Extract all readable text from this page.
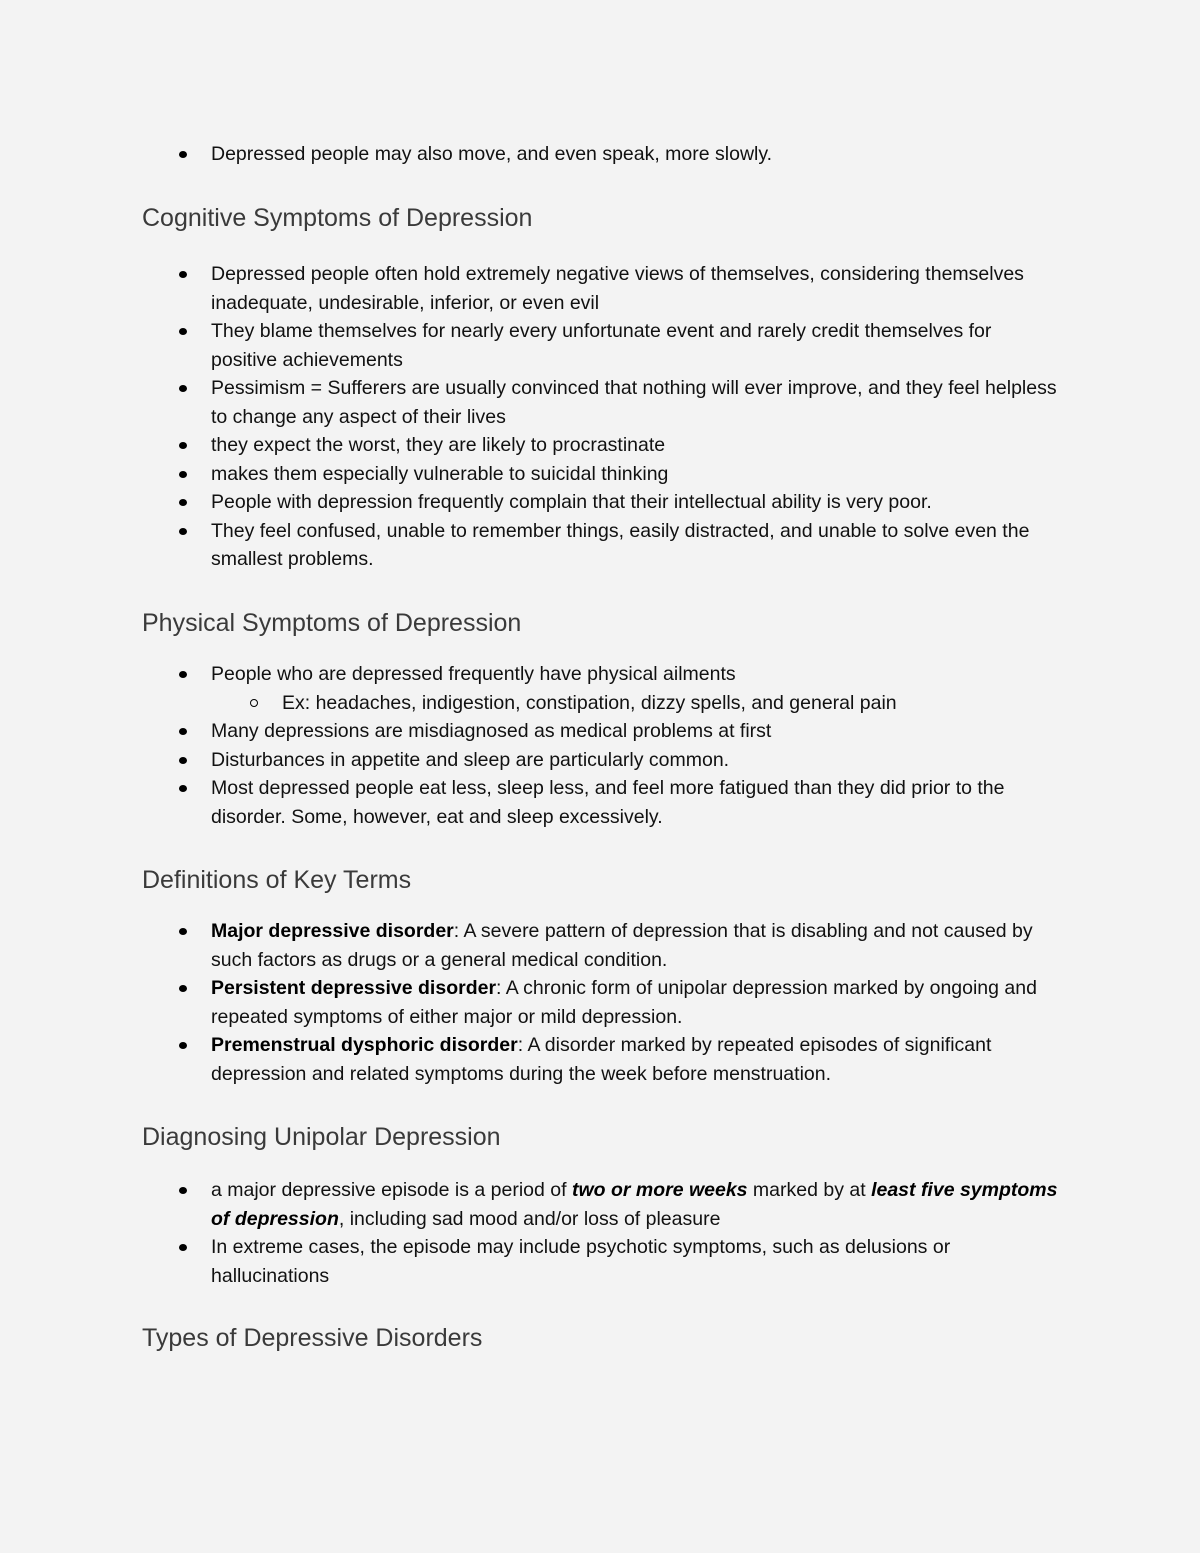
Depressed people may also move, and even speak, more slowly.
Cognitive Symptoms of Depression
Depressed people often hold extremely negative views of themselves, considering themselves inadequate, undesirable, inferior, or even evil
They blame themselves for nearly every unfortunate event and rarely credit themselves for positive achievements
Pessimism = Sufferers are usually convinced that nothing will ever improve, and they feel helpless to change any aspect of their lives
they expect the worst, they are likely to procrastinate
makes them especially vulnerable to suicidal thinking
People with depression frequently complain that their intellectual ability is very poor.
They feel confused, unable to remember things, easily distracted, and unable to solve even the smallest problems.
Physical Symptoms of Depression
People who are depressed frequently have physical ailments
Ex: headaches, indigestion, constipation, dizzy spells, and general pain
Many depressions are misdiagnosed as medical problems at first
Disturbances in appetite and sleep are particularly common.
Most depressed people eat less, sleep less, and feel more fatigued than they did prior to the disorder. Some, however, eat and sleep excessively.
Definitions of Key Terms
Major depressive disorder: A severe pattern of depression that is disabling and not caused by such factors as drugs or a general medical condition.
Persistent depressive disorder: A chronic form of unipolar depression marked by ongoing and repeated symptoms of either major or mild depression.
Premenstrual dysphoric disorder: A disorder marked by repeated episodes of significant depression and related symptoms during the week before menstruation.
Diagnosing Unipolar Depression
a major depressive episode is a period of two or more weeks marked by at least five symptoms of depression, including sad mood and/or loss of pleasure
In extreme cases, the episode may include psychotic symptoms, such as delusions or hallucinations
Types of Depressive Disorders
